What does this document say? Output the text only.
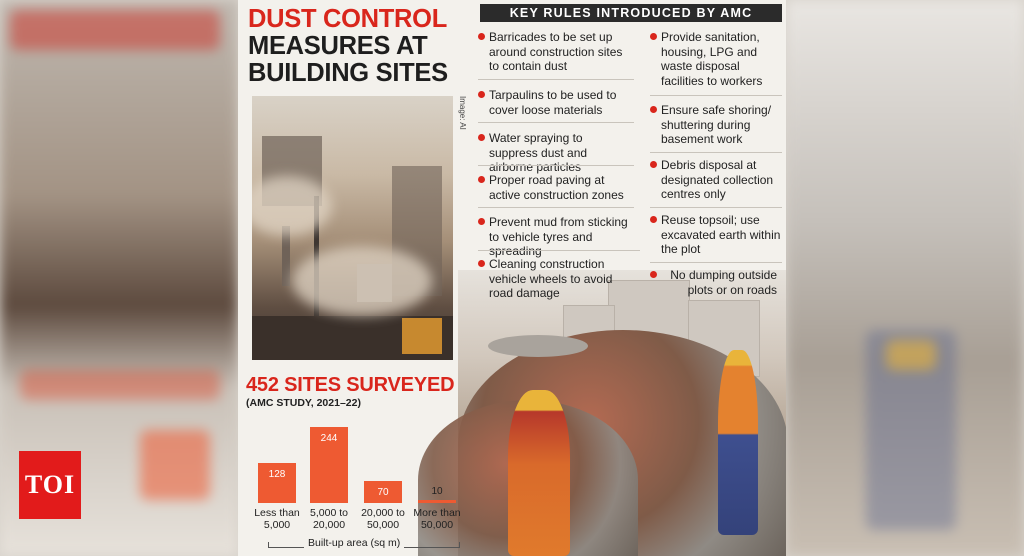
TOI
DUST CONTROL
MEASURES AT
BUILDING SITES
Image: AI
KEY RULES INTRODUCED BY AMC
Barricades to be set up around construction sites to contain dust
Tarpaulins to be used to cover loose materials
Water spraying to suppress dust and airborne particles
Proper road paving at active construction zones
Prevent mud from sticking to vehicle tyres and spreading
Cleaning construction vehicle wheels to avoid road damage
Provide sanitation, housing, LPG and waste disposal facilities to workers
Ensure safe shoring/ shuttering during basement work
Debris disposal at designated collection centres only
Reuse topsoil; use excavated earth within the plot
No dumping outside plots or on roads
452 SITES SURVEYED
(AMC STUDY, 2021–22)
128
Less than
5,000
244
5,000 to
20,000
70
20,000 to
50,000
10
More than
50,000
Built-up area (sq m)
